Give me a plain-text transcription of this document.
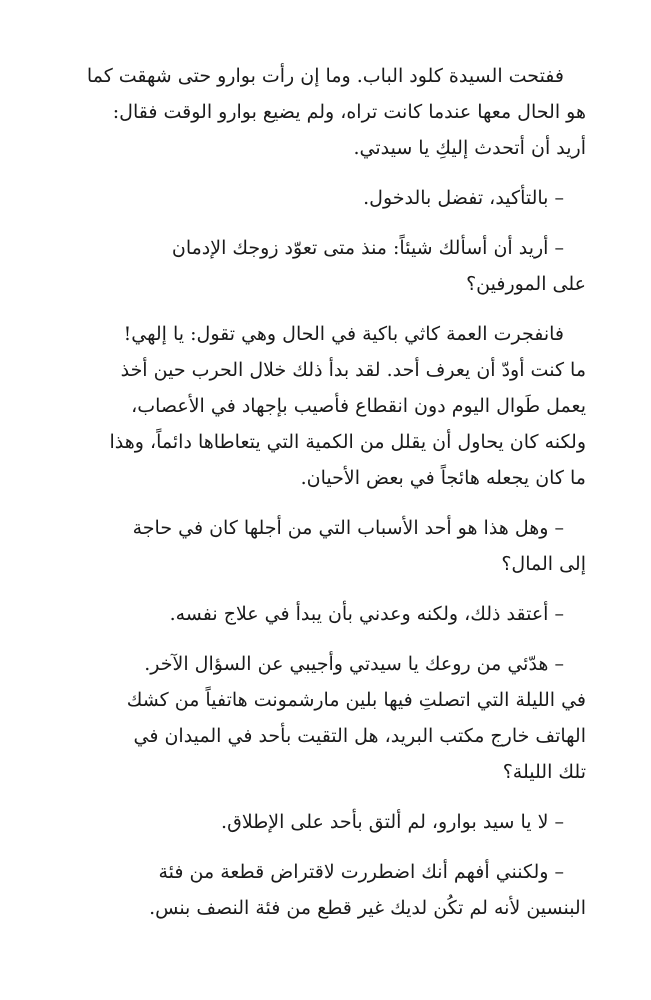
ففتحت السيدة كلود الباب. وما إن رأت بوارو حتى شهقت كما

هو الحال معها عندما كانت تراه، ولم يضيع بوارو الوقت فقال:

أريد أن أتحدث إليكِ يا سيدتي.

– بالتأكيد، تفضل بالدخول.

– أريد أن أسألك شيئاً: منذ متى تعوّد زوجك الإدمان

على المورفين؟

فانفجرت العمة كاثي باكية في الحال وهي تقول: يا إلهي!

ما كنت أودّ أن يعرف أحد. لقد بدأ ذلك خلال الحرب حين أخذ

يعمل طَوال اليوم دون انقطاع فأصيب بإجهاد في الأعصاب،

ولكنه كان يحاول أن يقلل من الكمية التي يتعاطاها دائماً، وهذا

ما كان يجعله هائجاً في بعض الأحيان.

– وهل هذا هو أحد الأسباب التي من أجلها كان في حاجة

إلى المال؟

– أعتقد ذلك، ولكنه وعدني بأن يبدأ في علاج نفسه.

– هدّئي من روعك يا سيدتي وأجيبي عن السؤال الآخر.

في الليلة التي اتصلتِ فيها بلين مارشمونت هاتفياً من كشك

الهاتف خارج مكتب البريد، هل التقيت بأحد في الميدان في

تلك الليلة؟

– لا يا سيد بوارو، لم ألتق بأحد على الإطلاق.

– ولكنني أفهم أنك اضطررت لاقتراض قطعة من فئة

البنسين لأنه لم تكُن لديك غير قطع من فئة النصف بنس.
